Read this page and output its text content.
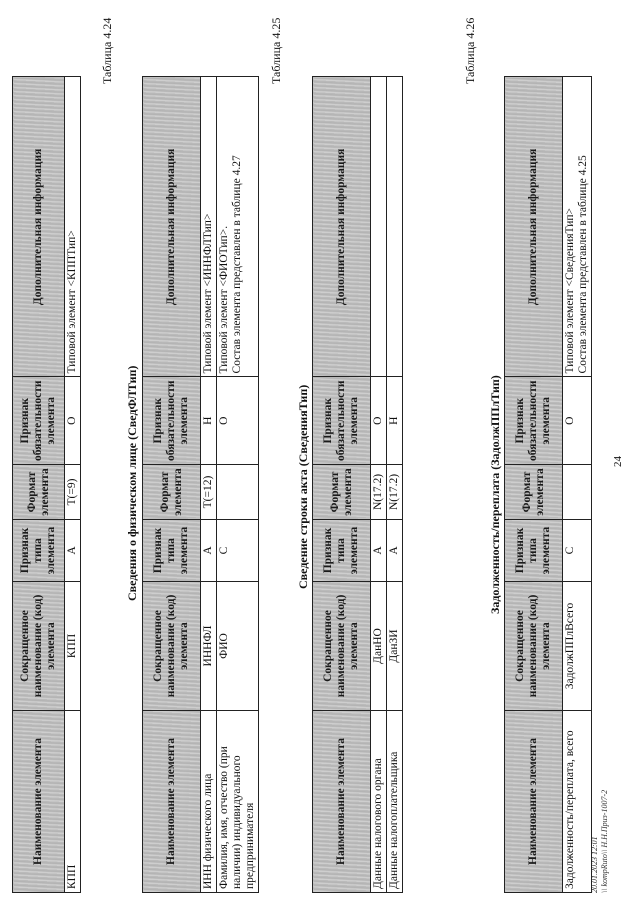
24
Наименование элемента	Сокращенное наименование (код) элемента	Признак типа элемента	Формат элемента	Признак обязательности элемента	Дополнительная информация
КПП	КПП	А	T(=9)	О	Типовой элемент <КППТип>
Таблица 4.24
Сведения о физическом лице (СведФЛТип)
Наименование элемента	Сокращенное наименование (код) элемента	Признак типа элемента	Формат элемента	Признак обязательности элемента	Дополнительная информация
ИНН физического лица	ИННФЛ	А	T(=12)	Н	Типовой элемент <ИННФЛТип>
Фамилия, имя, отчество (при наличии) индивидуального предпринимателя	ФИО	С		О	Типовой элемент <ФИОТип>. Состав элемента представлен в таблице 4.27
Таблица 4.25
Сведение строки акта (СведенияТип)
Наименование элемента	Сокращенное наименование (код) элемента	Признак типа элемента	Формат элемента	Признак обязательности элемента	Дополнительная информация
Данные налогового органа	ДанНО	А	N(17.2)	О	
Данные налогоплательщика	ДанЗИ	А	N(17.2)	Н	
Таблица 4.26
Задолженность/переплата (ЗадолжППлТип)
Наименование элемента	Сокращенное наименование (код) элемента	Признак типа элемента	Формат элемента	Признак обязательности элемента	Дополнительная информация
Задолженность/переплата, всего	ЗадолжППлВсего	С		О	Типовой элемент <СведенияТип> Состав элемента представлен в таблице 4.25
20.01.2023 12:01 \\ kompRuto\\ Н.Н.Приз-1007-2
